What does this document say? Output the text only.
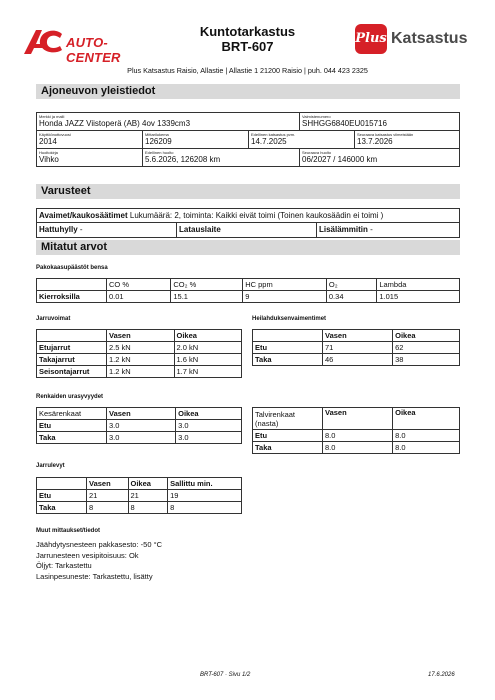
AUTO-CENTER
Kuntotarkastus
BRT-607
Plus Katsastus
Plus Katsastus Raisio, Allastie | Allastie 1 21200 Raisio | puh. 044 423 2325
Ajoneuvon yleistiedot
Merkki ja malli
Honda JAZZ Viistoperä (AB) 4ov 1339cm3
Valmistenumero
SHHGG6840EU015716
Käyttöönottovuosi
2014
Mittarilukema
126209
Edellinen katsastus pvm.
14.7.2025
Seuraava katsastus viimeistään
13.7.2026
Huoltokirja
Vihko
Edellinen huolto
5.6.2026, 126208 km
Seuraava huolto
06/2027 / 146000 km
Varusteet
Avaimet/kaukosäätimet Lukumäärä: 2, toiminta: Kaikki eivät toimi (Toinen kaukosäädin ei toimi )
Hattuhylly -	Latauslaite	Lisälämmitin -
Mitatut arvot
Pakokaasupäästöt bensa
	CO %	CO₂ %	HC ppm	O₂	Lambda
Kierroksilla	0.01	15.1	9	0.34	1.015
Jarruvoimat
	Vasen	Oikea
Etujarrut	2.5 kN	2.0 kN
Takajarrut	1.2 kN	1.6 kN
Seisontajarrut	1.2 kN	1.7 kN
Heilahduksenvaimentimet
	Vasen	Oikea
Etu	71	62
Taka	46	38
Renkaiden urasyvyydet
Kesärenkaat	Vasen	Oikea
Etu	3.0	3.0
Taka	3.0	3.0
Talvirenkaat (nasta)	Vasen	Oikea
Etu	8.0	8.0
Taka	8.0	8.0
Jarrulevyt
	Vasen	Oikea	Sallittu min.
Etu	21	21	19
Taka	8	8	8
Muut mittaukset/tiedot
Jäähdytysnesteen pakkasesto: -50 °C
Jarrunesteen vesipitoisuus: Ok
Öljyt: Tarkastettu
Lasinpesuneste: Tarkastettu, lisätty
BRT-607 · Sivu 1/2	17.6.2026
